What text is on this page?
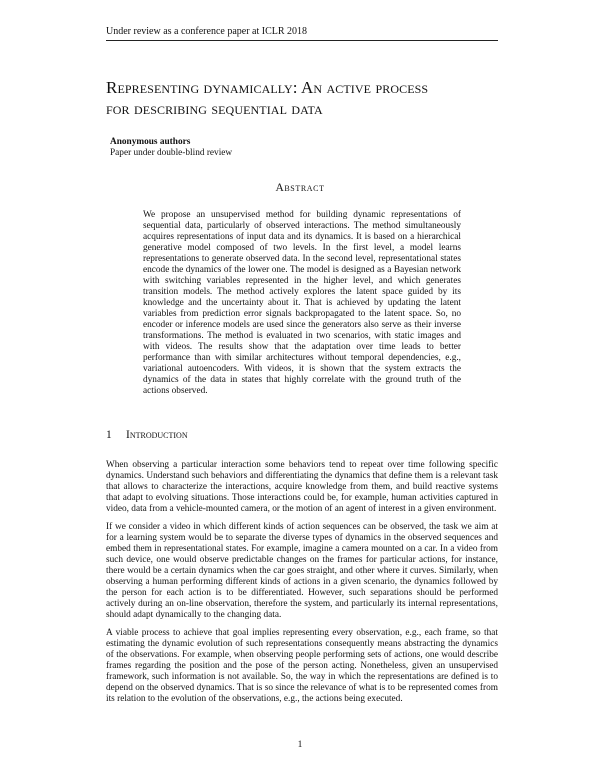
Under review as a conference paper at ICLR 2018
Representing dynamically: An active process
for describing sequential data
Anonymous authors
Paper under double-blind review
Abstract
We propose an unsupervised method for building dynamic representations of sequential data, particularly of observed interactions. The method simultaneously acquires representations of input data and its dynamics. It is based on a hierarchical generative model composed of two levels. In the first level, a model learns representations to generate observed data. In the second level, representational states encode the dynamics of the lower one. The model is designed as a Bayesian network with switching variables represented in the higher level, and which generates transition models. The method actively explores the latent space guided by its knowledge and the uncertainty about it. That is achieved by updating the latent variables from prediction error signals backpropagated to the latent space. So, no encoder or inference models are used since the generators also serve as their inverse transformations. The method is evaluated in two scenarios, with static images and with videos. The results show that the adaptation over time leads to better performance than with similar architectures without temporal dependencies, e.g., variational autoencoders. With videos, it is shown that the system extracts the dynamics of the data in states that highly correlate with the ground truth of the actions observed.
1 Introduction

When observing a particular interaction some behaviors tend to repeat over time following specific dynamics. Understand such behaviors and differentiating the dynamics that define them is a relevant task that allows to characterize the interactions, acquire knowledge from them, and build reactive systems that adapt to evolving situations. Those interactions could be, for example, human activities captured in video, data from a vehicle-mounted camera, or the motion of an agent of interest in a given environment.

If we consider a video in which different kinds of action sequences can be observed, the task we aim at for a learning system would be to separate the diverse types of dynamics in the observed sequences and embed them in representational states. For example, imagine a camera mounted on a car. In a video from such device, one would observe predictable changes on the frames for particular actions, for instance, there would be a certain dynamics when the car goes straight, and other where it curves. Similarly, when observing a human performing different kinds of actions in a given scenario, the dynamics followed by the person for each action is to be differentiated. However, such separations should be performed actively during an on-line observation, therefore the system, and particularly its internal representations, should adapt dynamically to the changing data.

A viable process to achieve that goal implies representing every observation, e.g., each frame, so that estimating the dynamic evolution of such representations consequently means abstracting the dynamics of the observations. For example, when observing people performing sets of actions, one would describe frames regarding the position and the pose of the person acting. Nonetheless, given an unsupervised framework, such information is not available. So, the way in which the representations are defined is to depend on the observed dynamics. That is so since the relevance of what is to be represented comes from its relation to the evolution of the observations, e.g., the actions being executed.

1
